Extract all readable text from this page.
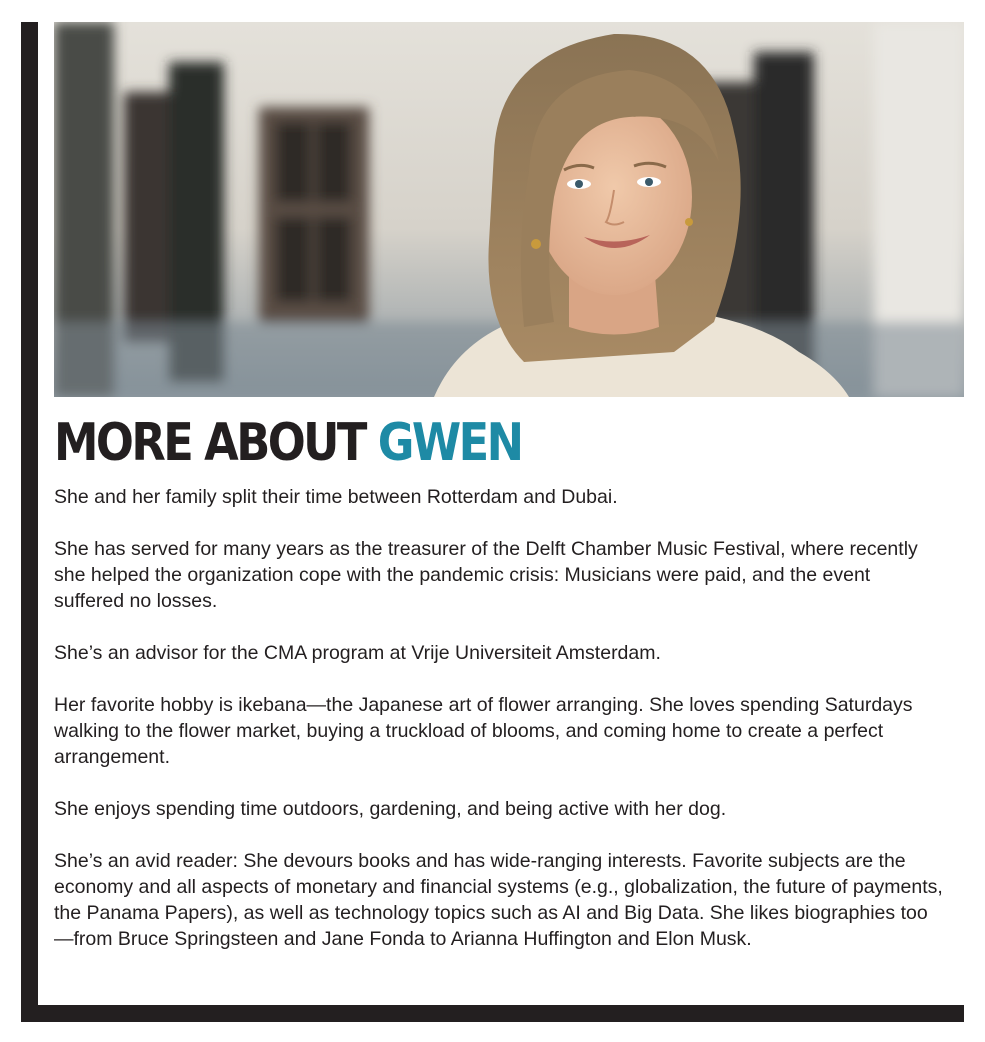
MORE ABOUT GWEN

She and her family split their time between Rotterdam and Dubai.

She has served for many years as the treasurer of the Delft Chamber Music Festival, where recently she helped the organization cope with the pandemic crisis: Musicians were paid, and the event suffered no losses.

She’s an advisor for the CMA program at Vrije Universiteit Amsterdam.

Her favorite hobby is ikebana—the Japanese art of flower arranging. She loves spending Saturdays walking to the flower market, buying a truckload of blooms, and coming home to create a perfect arrangement.

She enjoys spending time outdoors, gardening, and being active with her dog.

She’s an avid reader: She devours books and has wide-ranging interests. Favorite subjects are the economy and all aspects of monetary and financial systems (e.g., globalization, the future of payments, the Panama Papers), as well as technology topics such as AI and Big Data. She likes biographies too—from Bruce Springsteen and Jane Fonda to Arianna Huffington and Elon Musk.
